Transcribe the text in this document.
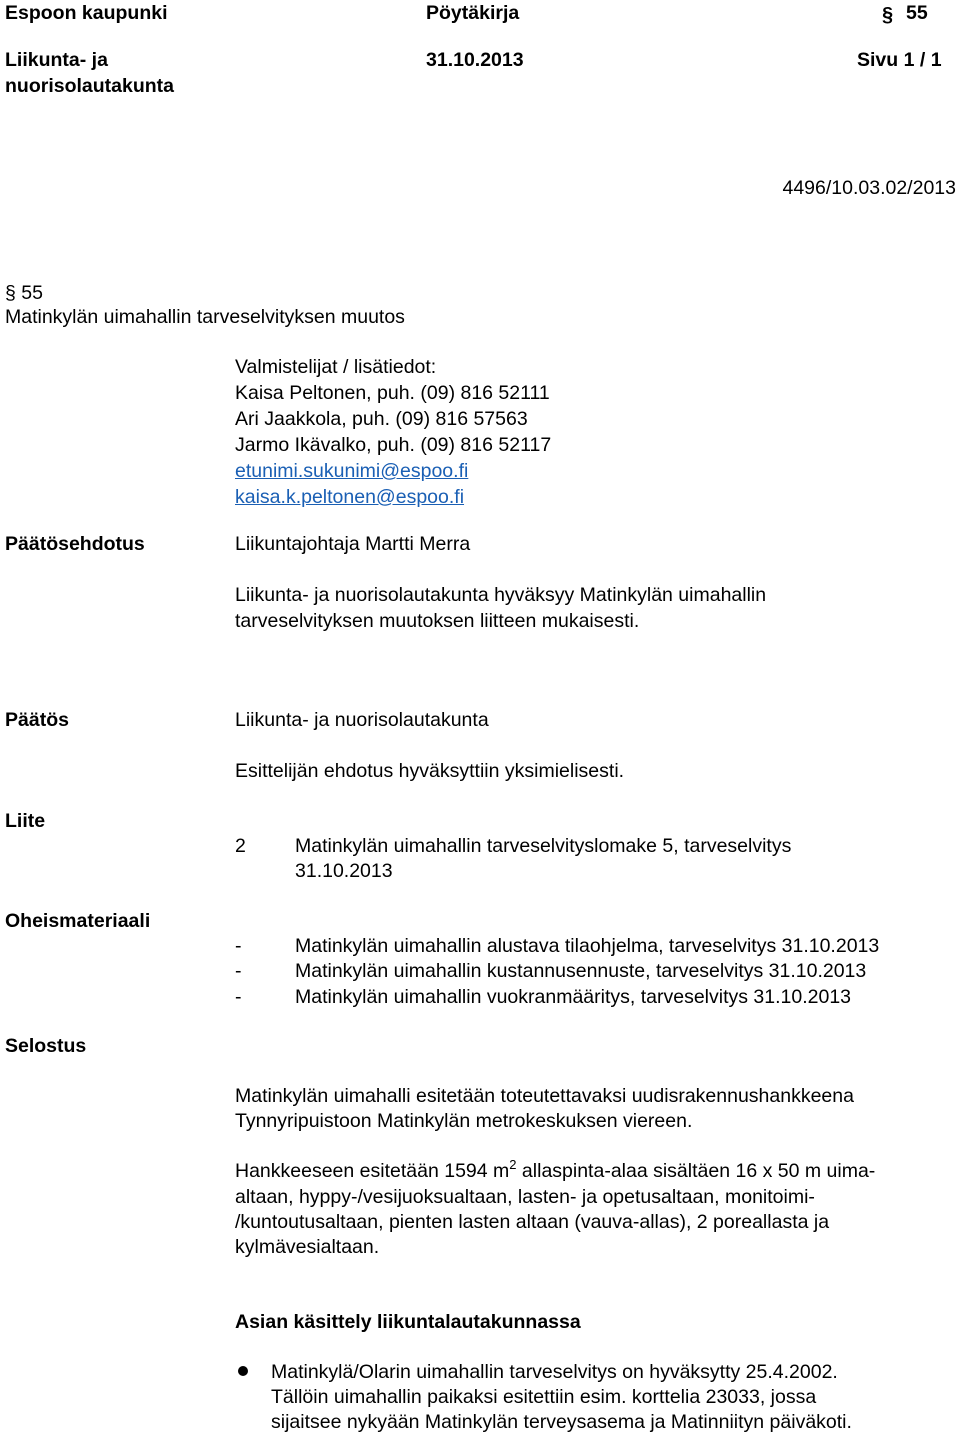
Espoon kaupunki	Pöytäkirja	§ 55
Liikunta- ja
nuorisolautakunta
31.10.2013	Sivu 1 / 1
4496/10.03.02/2013
§ 55
Matinkylän uimahallin tarveselvityksen muutos
Valmistelijat / lisätiedot:
Kaisa Peltonen, puh. (09) 816 52111
Ari Jaakkola, puh. (09) 816 57563
Jarmo Ikävalko, puh. (09) 816 52117
etunimi.sukunimi@espoo.fi
kaisa.k.peltonen@espoo.fi
Päätösehdotus	Liikuntajohtaja Martti Merra
Liikunta- ja nuorisolautakunta hyväksyy Matinkylän uimahallin
tarveselvityksen muutoksen liitteen mukaisesti.
Päätös	Liikunta- ja nuorisolautakunta
Esittelijän ehdotus hyväksyttiin yksimielisesti.
Liite
2	Matinkylän uimahallin tarveselvityslomake 5, tarveselvitys
31.10.2013
Oheismateriaali
-	Matinkylän uimahallin alustava tilaohjelma, tarveselvitys 31.10.2013
-	Matinkylän uimahallin kustannusennuste, tarveselvitys 31.10.2013
-	Matinkylän uimahallin vuokranmääritys, tarveselvitys 31.10.2013
Selostus
Matinkylän uimahalli esitetään toteutettavaksi uudisrakennushankkeena
Tynnyripuistoon Matinkylän metrokeskuksen viereen.
Hankkeeseen esitetään 1594 $m^2$ allaspintа-alaa sisältäen 16 x 50 m uima-
altaan, hyppy-/vesijuoksualtaan, lasten- ja opetusaltaan, monitoimi-
/kuntoutusaltaan, pienten lasten altaan (vauva-allas), 2 poreallasta ja
kylmävesialtaan.
Asian käsittely liikuntalautakunnassa
Matinkylä/Olarin uimahallin tarveselvitys on hyväksytty 25.4.2002.
Tällöin uimahallin paikaksi esitettiin esim. korttelia 23033, jossa
sijaitsee nykyään Matinkylän terveysasema ja Matinniityn päiväkoti.
